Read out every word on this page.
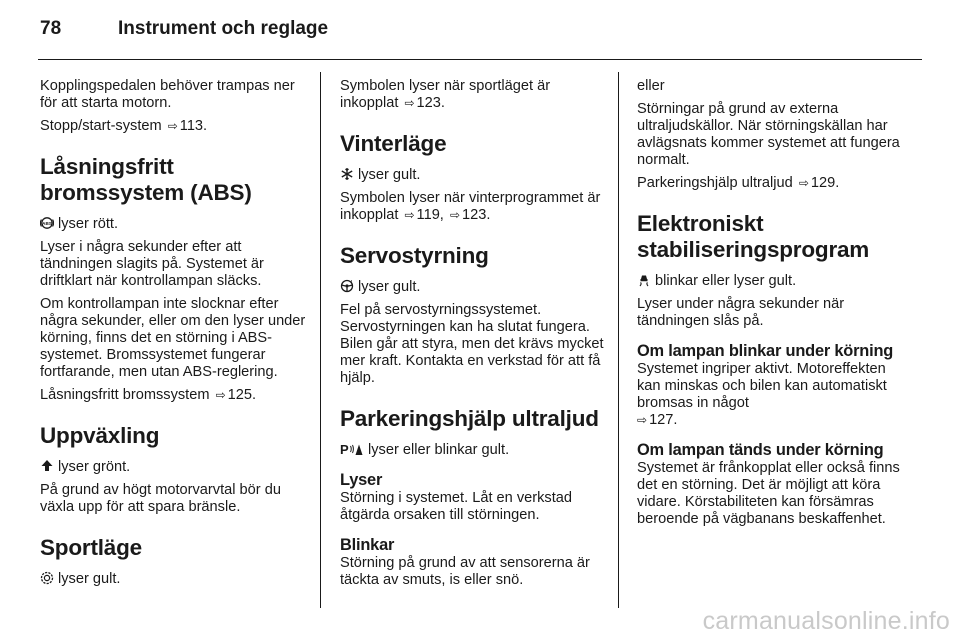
78	Instrument och reglage

Kopplingspedalen behöver trampas ner för att starta motorn.

Stopp/start-system ⇨ 113.

Låsningsfritt bromssystem (ABS)

ABS lyser rött.

Lyser i några sekunder efter att tändningen slagits på. Systemet är driftklart när kontrollampan släcks.

Om kontrollampan inte slocknar efter några sekunder, eller om den lyser under körning, finns det en störning i ABS-systemet. Bromssystemet fungerar fortfarande, men utan ABS-reglering.

Låsningsfritt bromssystem ⇨ 125.

Uppväxling

lyser grönt.

På grund av högt motorvarvtal bör du växla upp för att spara bränsle.

Sportläge

lyser gult.

Symbolen lyser när sportläget är inkopplat ⇨ 123.

Vinterläge

lyser gult.

Symbolen lyser när vinterprogrammet är inkopplat ⇨ 119, ⇨ 123.

Servostyrning

! lyser gult.

Fel på servostyrningssystemet. Servostyrningen kan ha slutat fungera. Bilen går att styra, men det krävs mycket mer kraft. Kontakta en verkstad för att få hjälp.

Parkeringshjälp ultraljud

P lyser eller blinkar gult.

Lyser

Störning i systemet. Låt en verkstad åtgärda orsaken till störningen.

Blinkar

Störning på grund av att sensorerna är täckta av smuts, is eller snö.

eller

Störningar på grund av externa ultraljudskällor. När störningskällan har avlägsnats kommer systemet att fungera normalt.

Parkeringshjälp ultraljud ⇨ 129.

Elektroniskt stabiliseringsprogram

blinkar eller lyser gult.

Lyser under några sekunder när tändningen slås på.

Om lampan blinkar under körning

Systemet ingriper aktivt. Motoreffekten kan minskas och bilen kan automatiskt bromsas in något
⇨ 127.

Om lampan tänds under körning

Systemet är frånkopplat eller också finns det en störning. Det är möjligt att köra vidare. Körstabiliteten kan försämras beroende på vägbanans beskaffenhet.

carmanualsonline.info
